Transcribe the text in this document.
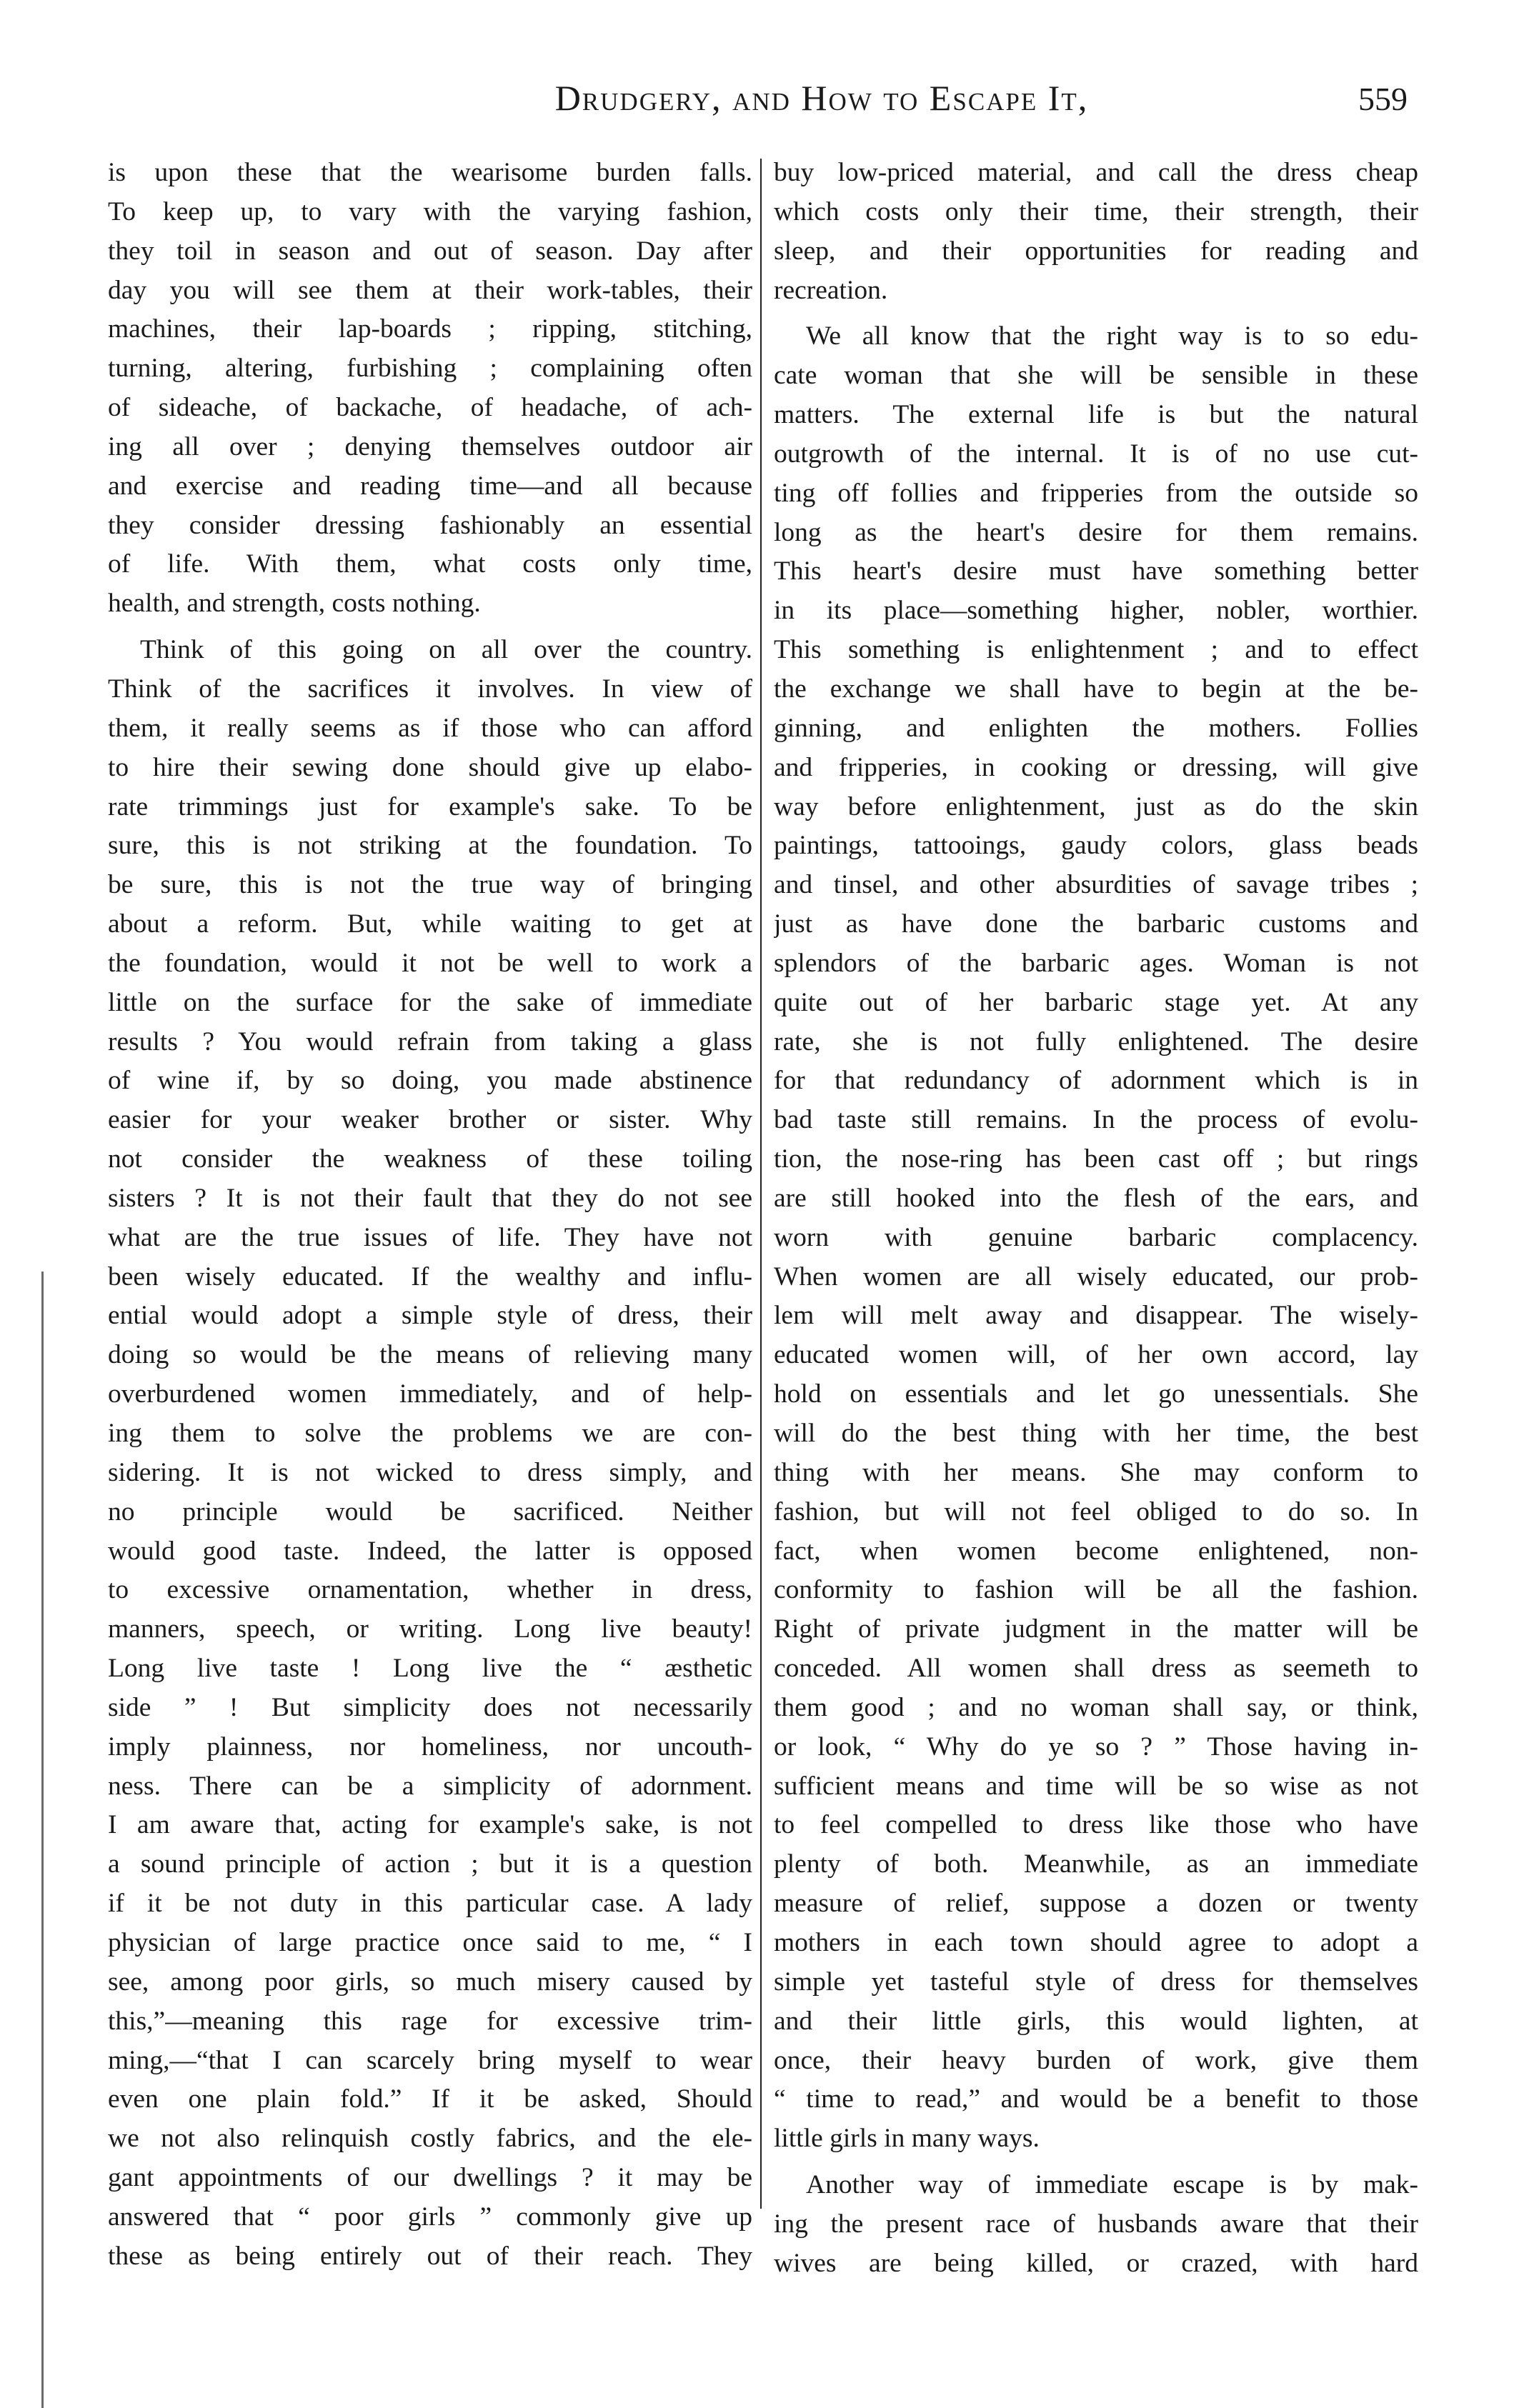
Drudgery, and How to Escape It,	559
is upon these that the wearisome burden falls.
To keep up, to vary with the varying fashion,
they toil in season and out of season. Day after
day you will see them at their work-tables, their
machines, their lap-boards ; ripping, stitching,
turning, altering, furbishing ; complaining often
of sideache, of backache, of headache, of ach-
ing all over ; denying themselves outdoor air
and exercise and reading time—and all because
they consider dressing fashionably an essential
of life. With them, what costs only time,
health, and strength, costs nothing.
Think of this going on all over the country.
Think of the sacrifices it involves. In view of
them, it really seems as if those who can afford
to hire their sewing done should give up elabo-
rate trimmings just for example's sake. To be
sure, this is not striking at the foundation. To
be sure, this is not the true way of bringing
about a reform. But, while waiting to get at
the foundation, would it not be well to work a
little on the surface for the sake of immediate
results ? You would refrain from taking a glass
of wine if, by so doing, you made abstinence
easier for your weaker brother or sister. Why
not consider the weakness of these toiling
sisters ? It is not their fault that they do not see
what are the true issues of life. They have not
been wisely educated. If the wealthy and influ-
ential would adopt a simple style of dress, their
doing so would be the means of relieving many
overburdened women immediately, and of help-
ing them to solve the problems we are con-
sidering. It is not wicked to dress simply, and
no principle would be sacrificed. Neither
would good taste. Indeed, the latter is opposed
to excessive ornamentation, whether in dress,
manners, speech, or writing. Long live beauty!
Long live taste ! Long live the “ æsthetic
side ” ! But simplicity does not necessarily
imply plainness, nor homeliness, nor uncouth-
ness. There can be a simplicity of adornment.
I am aware that, acting for example's sake, is not
a sound principle of action ; but it is a question
if it be not duty in this particular case. A lady
physician of large practice once said to me, “ I
see, among poor girls, so much misery caused by
this,”—meaning this rage for excessive trim-
ming,—“that I can scarcely bring myself to wear
even one plain fold.” If it be asked, Should
we not also relinquish costly fabrics, and the ele-
gant appointments of our dwellings ? it may be
answered that “ poor girls ” commonly give up
these as being entirely out of their reach. They
buy low-priced material, and call the dress cheap
which costs only their time, their strength, their
sleep, and their opportunities for reading and
recreation.
We all know that the right way is to so edu-
cate woman that she will be sensible in these
matters. The external life is but the natural
outgrowth of the internal. It is of no use cut-
ting off follies and fripperies from the outside so
long as the heart's desire for them remains.
This heart's desire must have something better
in its place—something higher, nobler, worthier.
This something is enlightenment ; and to effect
the exchange we shall have to begin at the be-
ginning, and enlighten the mothers. Follies
and fripperies, in cooking or dressing, will give
way before enlightenment, just as do the skin
paintings, tattooings, gaudy colors, glass beads
and tinsel, and other absurdities of savage tribes ;
just as have done the barbaric customs and
splendors of the barbaric ages. Woman is not
quite out of her barbaric stage yet. At any
rate, she is not fully enlightened. The desire
for that redundancy of adornment which is in
bad taste still remains. In the process of evolu-
tion, the nose-ring has been cast off ; but rings
are still hooked into the flesh of the ears, and
worn with genuine barbaric complacency.
When women are all wisely educated, our prob-
lem will melt away and disappear. The wisely-
educated women will, of her own accord, lay
hold on essentials and let go unessentials. She
will do the best thing with her time, the best
thing with her means. She may conform to
fashion, but will not feel obliged to do so. In
fact, when women become enlightened, non-
conformity to fashion will be all the fashion.
Right of private judgment in the matter will be
conceded. All women shall dress as seemeth to
them good ; and no woman shall say, or think,
or look, “ Why do ye so ? ” Those having in-
sufficient means and time will be so wise as not
to feel compelled to dress like those who have
plenty of both. Meanwhile, as an immediate
measure of relief, suppose a dozen or twenty
mothers in each town should agree to adopt a
simple yet tasteful style of dress for themselves
and their little girls, this would lighten, at
once, their heavy burden of work, give them
“ time to read,” and would be a benefit to those
little girls in many ways.
Another way of immediate escape is by mak-
ing the present race of husbands aware that their
wives are being killed, or crazed, with hard
